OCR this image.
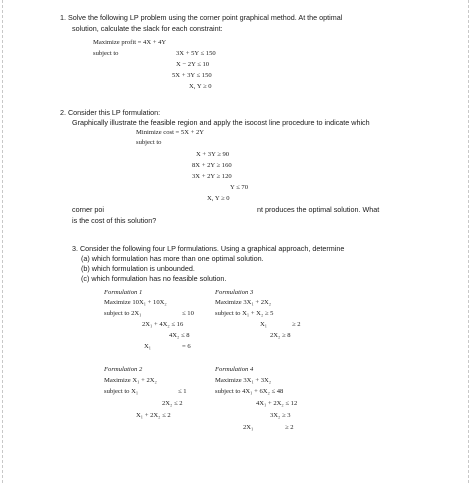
1. Solve the following LP problem using the corner point graphical method. At the optimal
solution, calculate the slack for each constraint:
Maximize profit = 4X + 4Y
subject to	3X + 5Y ≤ 150
X − 2Y ≤ 10
5X + 3Y ≤ 150
X, Y ≥ 0
2. Consider this LP formulation:
Graphically illustrate the feasible region and apply the isocost line procedure to indicate which
Minimize cost = 5X + 2Y
subject to
X + 3Y ≥ 90
8X + 2Y ≥ 160
3X + 2Y ≥ 120
Y ≤ 70
X, Y ≥ 0
corner poi	nt produces the optimal solution. What
is the cost of this solution?
3. Consider the following four LP formulations. Using a graphical approach, determine
(a) which formulation has more than one optimal solution.
(b) which formulation is unbounded.
(c) which formulation has no feasible solution.
Formulation 1
Maximize 10X₁ + 10X₂
subject to 2X₁	≤ 10
2X₁ + 4X₂ ≤ 16
4X₂ ≤ 8
X₁	= 6
Formulation 3
Maximize 3X₁ + 2X₂
subject to X₁ + X₂ ≥ 5
X₁	≥ 2
2X₂ ≥ 8
Formulation 2
Maximize X₁ + 2X₂
subject to X₁	≤ 1
2X₂ ≤ 2
X₁ + 2X₂ ≤ 2
Formulation 4
Maximize 3X₁ + 3X₂
subject to 4X₁ + 6X₂ ≤ 48
4X₁ + 2X₂ ≤ 12
3X₂ ≥ 3
2X₁	≥ 2
